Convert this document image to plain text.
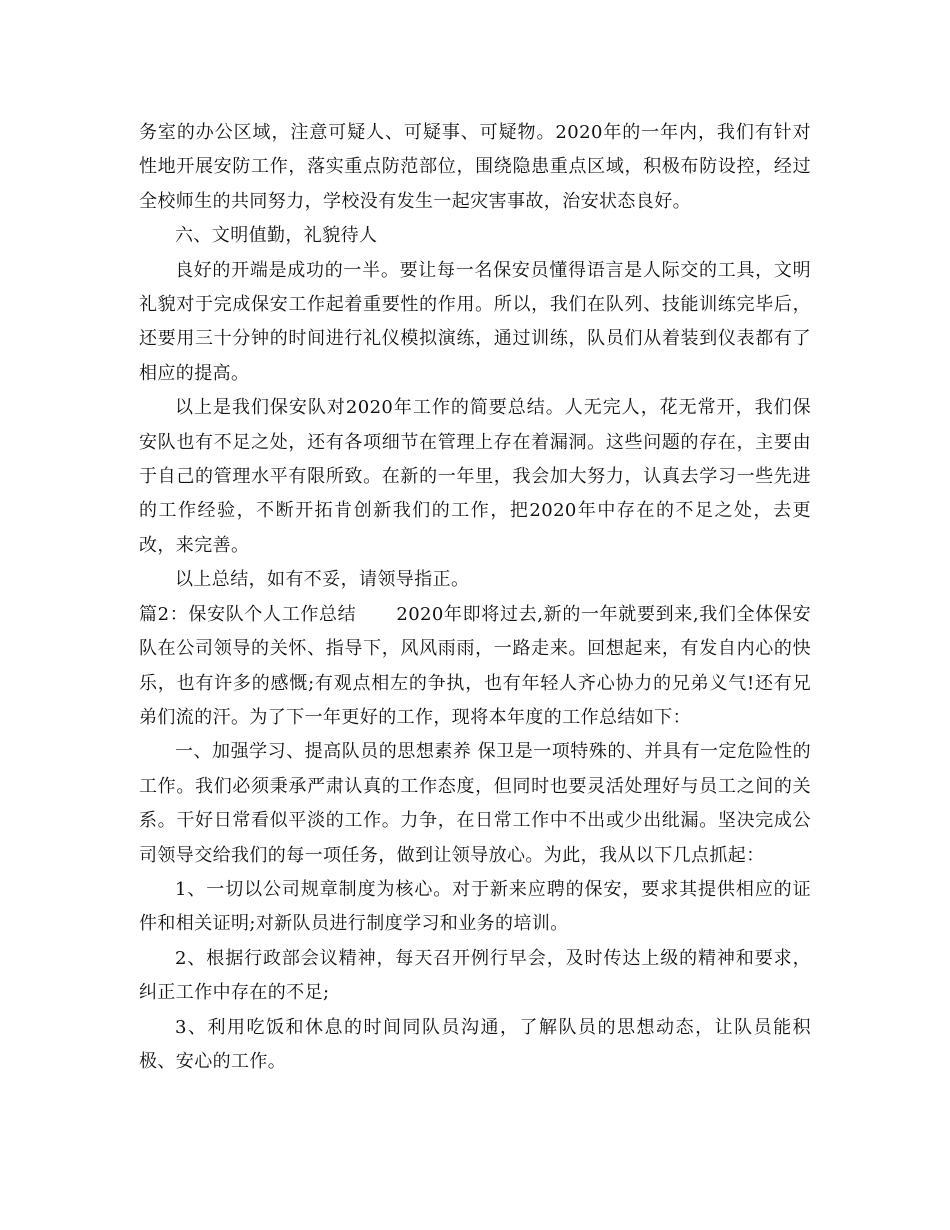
务室的办公区域，注意可疑人、可疑事、可疑物。2020年的一年内，我们有针对性地开展安防工作，落实重点防范部位，围绕隐患重点区域，积极布防设控，经过全校师生的共同努力，学校没有发生一起灾害事故，治安状态良好。

六、文明值勤，礼貌待人

良好的开端是成功的一半。要让每一名保安员懂得语言是人际交的工具，文明礼貌对于完成保安工作起着重要性的作用。所以，我们在队列、技能训练完毕后，还要用三十分钟的时间进行礼仪模拟演练，通过训练，队员们从着装到仪表都有了相应的提高。

以上是我们保安队对2020年工作的简要总结。人无完人，花无常开，我们保安队也有不足之处，还有各项细节在管理上存在着漏洞。这些问题的存在，主要由于自己的管理水平有限所致。在新的一年里，我会加大努力，认真去学习一些先进的工作经验，不断开拓肯创新我们的工作，把2020年中存在的不足之处，去更改，来完善。

以上总结，如有不妥，请领导指正。

篇2：保安队个人工作总结 2020年即将过去,新的一年就要到来,我们全体保安队在公司领导的关怀、指导下，风风雨雨，一路走来。回想起来，有发自内心的快乐，也有许多的感慨;有观点相左的争执，也有年轻人齐心协力的兄弟义气!还有兄弟们流的汗。为了下一年更好的工作，现将本年度的工作总结如下：

一、加强学习、提高队员的思想素养 保卫是一项特殊的、并具有一定危险性的工作。我们必须秉承严肃认真的工作态度，但同时也要灵活处理好与员工之间的关系。干好日常看似平淡的工作。力争，在日常工作中不出或少出纰漏。坚决完成公司领导交给我们的每一项任务，做到让领导放心。为此，我从以下几点抓起：

1、一切以公司规章制度为核心。对于新来应聘的保安，要求其提供相应的证件和相关证明;对新队员进行制度学习和业务的培训。

2、根据行政部会议精神，每天召开例行早会，及时传达上级的精神和要求，纠正工作中存在的不足;

3、利用吃饭和休息的时间同队员沟通，了解队员的思想动态，让队员能积极、安心的工作。
